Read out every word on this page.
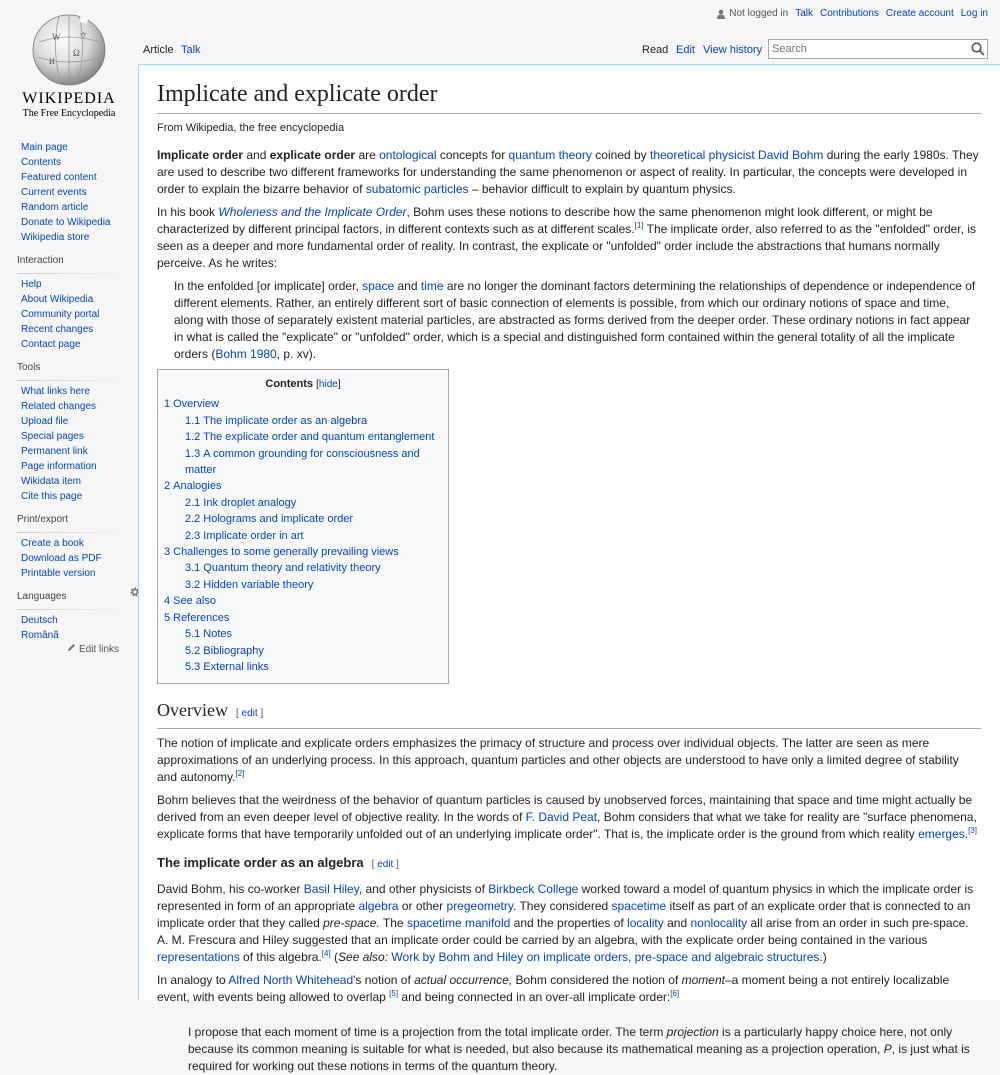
W
Ω
И
ウ
WIKIPEDIA
The Free Encyclopedia
Not logged in Talk Contributions Create account Log in
Article Talk	Read Edit View history
Search
Main page
Contents
Featured content
Current events
Random article
Donate to Wikipedia
Wikipedia store
Interaction
Help
About Wikipedia
Community portal
Recent changes
Contact page
Tools
What links here
Related changes
Upload file
Special pages
Permanent link
Page information
Wikidata item
Cite this page
Print/export
Create a book
Download as PDF
Printable version
Languages
Deutsch
Română
Edit links
Implicate and explicate order
From Wikipedia, the free encyclopedia

Implicate order and explicate order are ontological concepts for quantum theory coined by theoretical physicist David Bohm during the early 1980s. They are used to describe two different frameworks for understanding the same phenomenon or aspect of reality. In particular, the concepts were developed in order to explain the bizarre behavior of subatomic particles – behavior difficult to explain by quantum physics.

In his book Wholeness and the Implicate Order, Bohm uses these notions to describe how the same phenomenon might look different, or might be characterized by different principal factors, in different contexts such as at different scales.[1] The implicate order, also referred to as the "enfolded" order, is seen as a deeper and more fundamental order of reality. In contrast, the explicate or "unfolded" order include the abstractions that humans normally perceive. As he writes:

In the enfolded [or implicate] order, space and time are no longer the dominant factors determining the relationships of dependence or independence of different elements. Rather, an entirely different sort of basic connection of elements is possible, from which our ordinary notions of space and time, along with those of separately existent material particles, are abstracted as forms derived from the deeper order. These ordinary notions in fact appear in what is called the "explicate" or "unfolded" order, which is a special and distinguished form contained within the general totality of all the implicate orders (Bohm 1980, p. xv).
Contents [hide]
1 Overview
1.1 The implicate order as an algebra
1.2 The explicate order and quantum entanglement
1.3 A common grounding for consciousness and matter
2 Analogies
2.1 Ink droplet analogy
2.2 Holograms and implicate order
2.3 Implicate order in art
3 Challenges to some generally prevailing views
3.1 Quantum theory and relativity theory
3.2 Hidden variable theory
4 See also
5 References
5.1 Notes
5.2 Bibliography
5.3 External links
Overview [ edit ]

The notion of implicate and explicate orders emphasizes the primacy of structure and process over individual objects. The latter are seen as mere approximations of an underlying process. In this approach, quantum particles and other objects are understood to have only a limited degree of stability and autonomy.[2]

Bohm believes that the weirdness of the behavior of quantum particles is caused by unobserved forces, maintaining that space and time might actually be derived from an even deeper level of objective reality. In the words of F. David Peat, Bohm considers that what we take for reality are "surface phenomena, explicate forms that have temporarily unfolded out of an underlying implicate order". That is, the implicate order is the ground from which reality emerges.[3]

The implicate order as an algebra [ edit ]

David Bohm, his co-worker Basil Hiley, and other physicists of Birkbeck College worked toward a model of quantum physics in which the implicate order is represented in form of an appropriate algebra or other pregeometry. They considered spacetime itself as part of an explicate order that is connected to an implicate order that they called pre-space. The spacetime manifold and the properties of locality and nonlocality all arise from an order in such pre-space. A. M. Frescura and Hiley suggested that an implicate order could be carried by an algebra, with the explicate order being contained in the various representations of this algebra.[4] (See also: Work by Bohm and Hiley on implicate orders, pre-space and algebraic structures.)

In analogy to Alfred North Whitehead's notion of actual occurrence, Bohm considered the notion of moment–a moment being a not entirely localizable event, with events being allowed to overlap [5] and being connected in an over-all implicate order:[6]

I propose that each moment of time is a projection from the total implicate order. The term projection is a particularly happy choice here, not only because its common meaning is suitable for what is needed, but also because its mathematical meaning as a projection operation, P, is just what is required for working out these notions in terms of the quantum theory.
